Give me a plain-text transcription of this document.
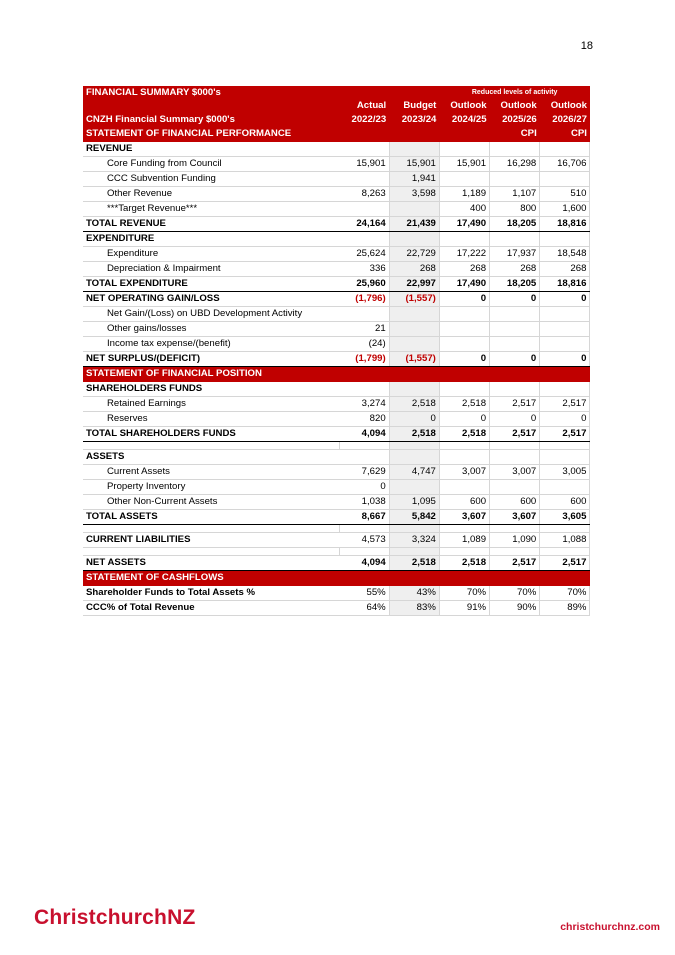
18
FINANCIAL SUMMARY $000's			Reduced levels of activity		
	Actual	Budget	Outlook	Outlook	Outlook
CNZH Financial Summary $000's	2022/23	2023/24	2024/25	2025/26	2026/27
STATEMENT OF FINANCIAL PERFORMANCE				CPI	CPI
REVENUE					
Core Funding from Council	15,901	15,901	15,901	16,298	16,706
CCC Subvention Funding		1,941			
Other Revenue	8,263	3,598	1,189	1,107	510
***Target Revenue***			400	800	1,600
TOTAL REVENUE	24,164	21,439	17,490	18,205	18,816
EXPENDITURE					
Expenditure	25,624	22,729	17,222	17,937	18,548
Depreciation & Impairment	336	268	268	268	268
TOTAL EXPENDITURE	25,960	22,997	17,490	18,205	18,816
NET OPERATING GAIN/LOSS	(1,796)	(1,557)	0	0	0
Net Gain/(Loss) on UBD Development Activity					
Other gains/losses	21				
Income tax expense/(benefit)	(24)				
NET SURPLUS/(DEFICIT)	(1,799)	(1,557)	0	0	0
STATEMENT OF FINANCIAL POSITION					
SHAREHOLDERS FUNDS					
Retained Earnings	3,274	2,518	2,518	2,517	2,517
Reserves	820	0	0	0	0
TOTAL SHAREHOLDERS FUNDS	4,094	2,518	2,518	2,517	2,517

ASSETS					
Current Assets	7,629	4,747	3,007	3,007	3,005
Property Inventory	0				
Other Non-Current Assets	1,038	1,095	600	600	600
TOTAL ASSETS	8,667	5,842	3,607	3,607	3,605

CURRENT LIABILITIES	4,573	3,324	1,089	1,090	1,088

NET ASSETS	4,094	2,518	2,518	2,517	2,517
STATEMENT OF CASHFLOWS					
Shareholder Funds to Total Assets %	55%	43%	70%	70%	70%
CCC% of Total Revenue	64%	83%	91%	90%	89%
ChristchurchNZ	christchurchnz.com
